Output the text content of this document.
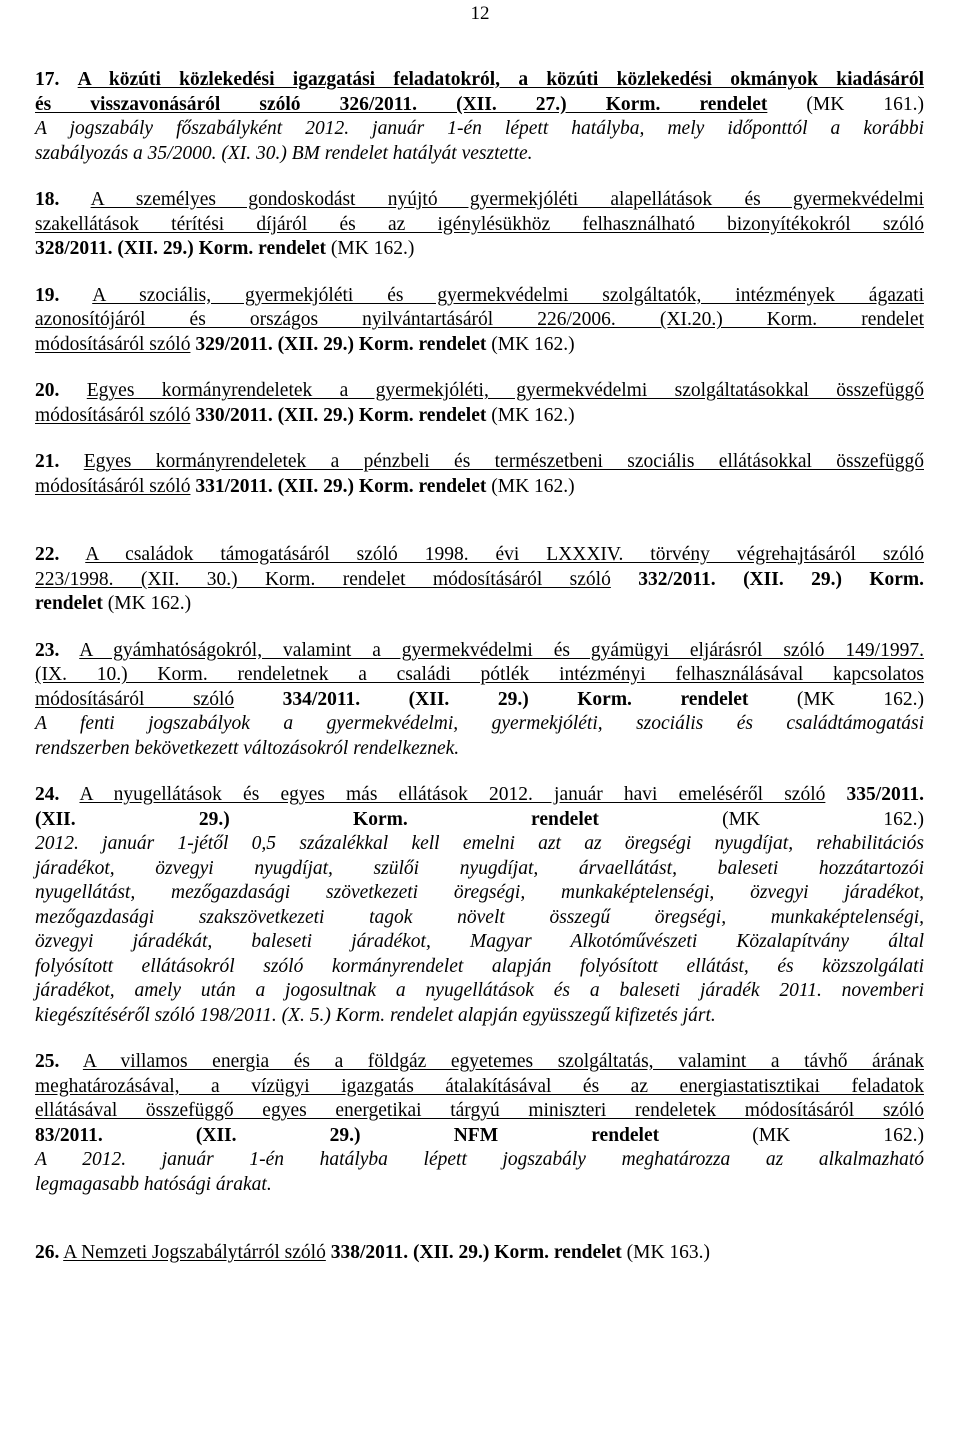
12
17. A közúti közlekedési igazgatási feladatokról, a közúti közlekedési okmányok kiadásáról
és visszavonásáról szóló 326/2011. (XII. 27.) Korm. rendelet (MK 161.)
A jogszabály főszabályként 2012. január 1-én lépett hatályba, mely időponttól a korábbi
szabályozás a 35/2000. (XI. 30.) BM rendelet hatályát vesztette.
18. A személyes gondoskodást nyújtó gyermekjóléti alapellátások és gyermekvédelmi
szakellátások térítési díjáról és az igénylésükhöz felhasználható bizonyítékokról szóló
328/2011. (XII. 29.) Korm. rendelet (MK 162.)
19. A szociális, gyermekjóléti és gyermekvédelmi szolgáltatók, intézmények ágazati
azonosítójáról és országos nyilvántartásáról 226/2006. (XI.20.) Korm. rendelet
módosításáról szóló 329/2011. (XII. 29.) Korm. rendelet (MK 162.)
20. Egyes kormányrendeletek a gyermekjóléti, gyermekvédelmi szolgáltatásokkal összefüggő
módosításáról szóló 330/2011. (XII. 29.) Korm. rendelet (MK 162.)
21. Egyes kormányrendeletek a pénzbeli és természetbeni szociális ellátásokkal összefüggő
módosításáról szóló 331/2011. (XII. 29.) Korm. rendelet (MK 162.)
22. A családok támogatásáról szóló 1998. évi LXXXIV. törvény végrehajtásáról szóló
223/1998. (XII. 30.) Korm. rendelet módosításáról szóló 332/2011. (XII. 29.) Korm.
rendelet (MK 162.)
23. A gyámhatóságokról, valamint a gyermekvédelmi és gyámügyi eljárásról szóló 149/1997.
(IX. 10.) Korm. rendeletnek a családi pótlék intézményi felhasználásával kapcsolatos
módosításáról szóló 334/2011. (XII. 29.) Korm. rendelet (MK 162.)
A fenti jogszabályok a gyermekvédelmi, gyermekjóléti, szociális és családtámogatási
rendszerben bekövetkezett változásokról rendelkeznek.
24. A nyugellátások és egyes más ellátások 2012. január havi emeléséről szóló 335/2011.
(XII. 29.) Korm. rendelet (MK 162.)
2012. január 1-jétől 0,5 százalékkal kell emelni azt az öregségi nyugdíjat, rehabilitációs
járadékot, özvegyi nyugdíjat, szülői nyugdíjat, árvaellátást, baleseti hozzátartozói
nyugellátást, mezőgazdasági szövetkezeti öregségi, munkaképtelenségi, özvegyi járadékot,
mezőgazdasági szakszövetkezeti tagok növelt összegű öregségi, munkaképtelenségi,
özvegyi járadékát, baleseti járadékot, Magyar Alkotóművészeti Közalapítvány által
folyósított ellátásokról szóló kormányrendelet alapján folyósított ellátást, és közszolgálati
járadékot, amely után a jogosultnak a nyugellátások és a baleseti járadék 2011. novemberi
kiegészítéséről szóló 198/2011. (X. 5.) Korm. rendelet alapján együsszegű kifizetés járt.
25. A villamos energia és a földgáz egyetemes szolgáltatás, valamint a távhő árának
meghatározásával, a vízügyi igazgatás átalakításával és az energiastatisztikai feladatok
ellátásával összefüggő egyes energetikai tárgyú miniszteri rendeletek módosításáról szóló
83/2011. (XII. 29.) NFM rendelet (MK 162.)
A 2012. január 1-én hatályba lépett jogszabály meghatározza az alkalmazható
legmagasabb hatósági árakat.
26. A Nemzeti Jogszabálytárról szóló 338/2011. (XII. 29.) Korm. rendelet (MK 163.)
